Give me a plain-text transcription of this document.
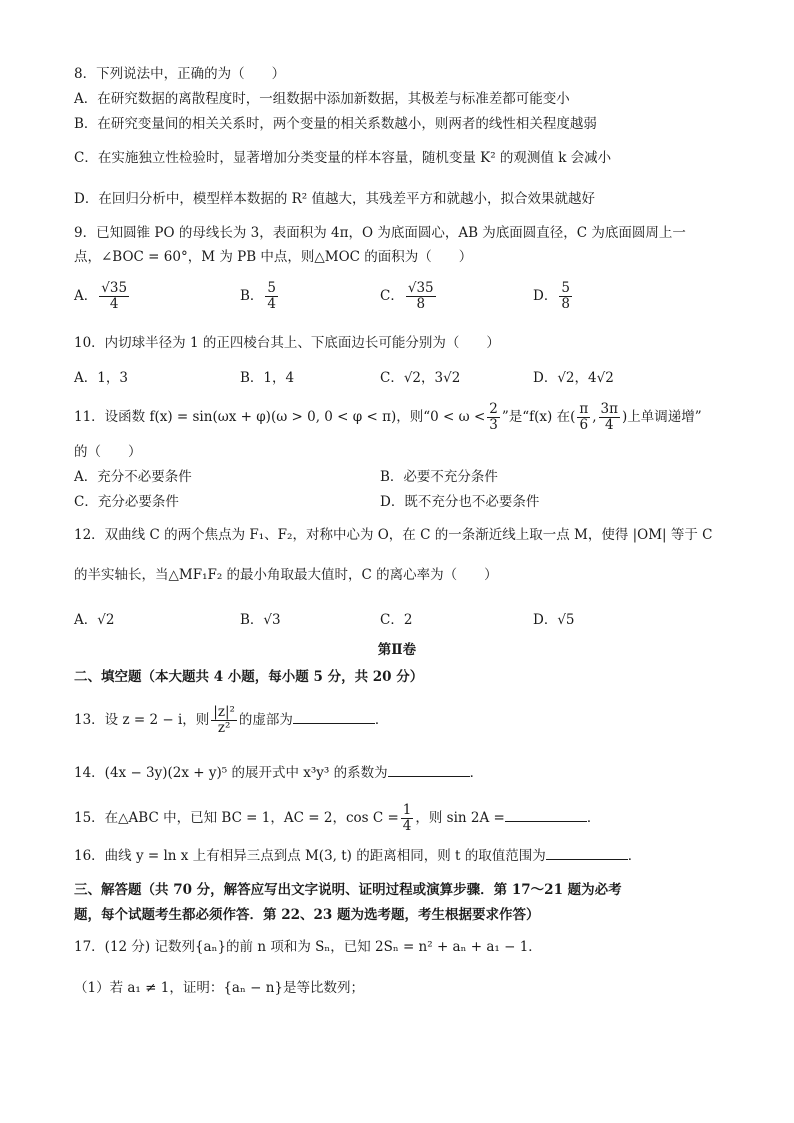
8．下列说法中，正确的为（　　）
A．在研究数据的离散程度时，一组数据中添加新数据，其极差与标准差都可能变小
B．在研究变量间的相关关系时，两个变量的相关系数越小，则两者的线性相关程度越弱
C．在实施独立性检验时，显著增加分类变量的样本容量，随机变量 K² 的观测值 k 会减小
D．在回归分析中，模型样本数据的 R² 值越大，其残差平方和就越小，拟合效果就越好
9．已知圆锥 PO 的母线长为 3，表面积为 4π，O 为底面圆心，AB 为底面圆直径，C 为底面圆周上一
点，∠BOC = 60°，M 为 PB 中点，则△MOC 的面积为（　　）
A． $\frac{√35}{4}$	B． $\frac{5}{4}$	C． $\frac{√35}{8}$	D． $\frac{5}{8}$
10．内切球半径为 1 的正四棱台其上、下底面边长可能分别为（　　）
A．1，3	B．1，4	C．√2，3√2	D．√2，4√2
11．设函数 f(x) = sin(ωx + φ)(ω > 0, 0 < φ < π)，则“$0 < \omega < \frac{2}{3}$ ”是“f(x) 在( $\frac{\pi}{6}$ , $\frac{3\pi}{4}$ )上单调递增”
的（　　）
A．充分不必要条件	B．必要不充分条件
C．充分必要条件	D．既不充分也不必要条件
12．双曲线 C 的两个焦点为 F₁、F₂，对称中心为 O，在 C 的一条渐近线上取一点 M，使得 |OM| 等于 C
的半实轴长，当△MF₁F₂ 的最小角取最大值时，C 的离心率为（　　）
A．√2	B．√3	C．2	D．√5
第Ⅱ卷
二、填空题（本大题共 4 小题，每小题 5 分，共 20 分）
13．设 z = 2 − i，则 $\frac{\text{|z|²}}{\text{z²}}$ 的虚部为	．
14．(4x − 3y)(2x + y)⁵ 的展开式中 x³y³ 的系数为	．
15．在△ABC 中，已知 BC = 1，AC = 2，$\cos C = \frac{1}{4}$ ，则 sin 2A =	．
16．曲线 y = ln x 上有相异三点到点 M(3, t) 的距离相同，则 t 的取值范围为	．
三、解答题（共 70 分，解答应写出文字说明、证明过程或演算步骤．第 17～21 题为必考
题，每个试题考生都必须作答．第 22、23 题为选考题，考生根据要求作答）
17．(12 分) 记数列{aₙ}的前 n 项和为 Sₙ，已知 2Sₙ = n² + aₙ + a₁ − 1．
（1）若 a₁ ≠ 1，证明：{aₙ − n}是等比数列；
